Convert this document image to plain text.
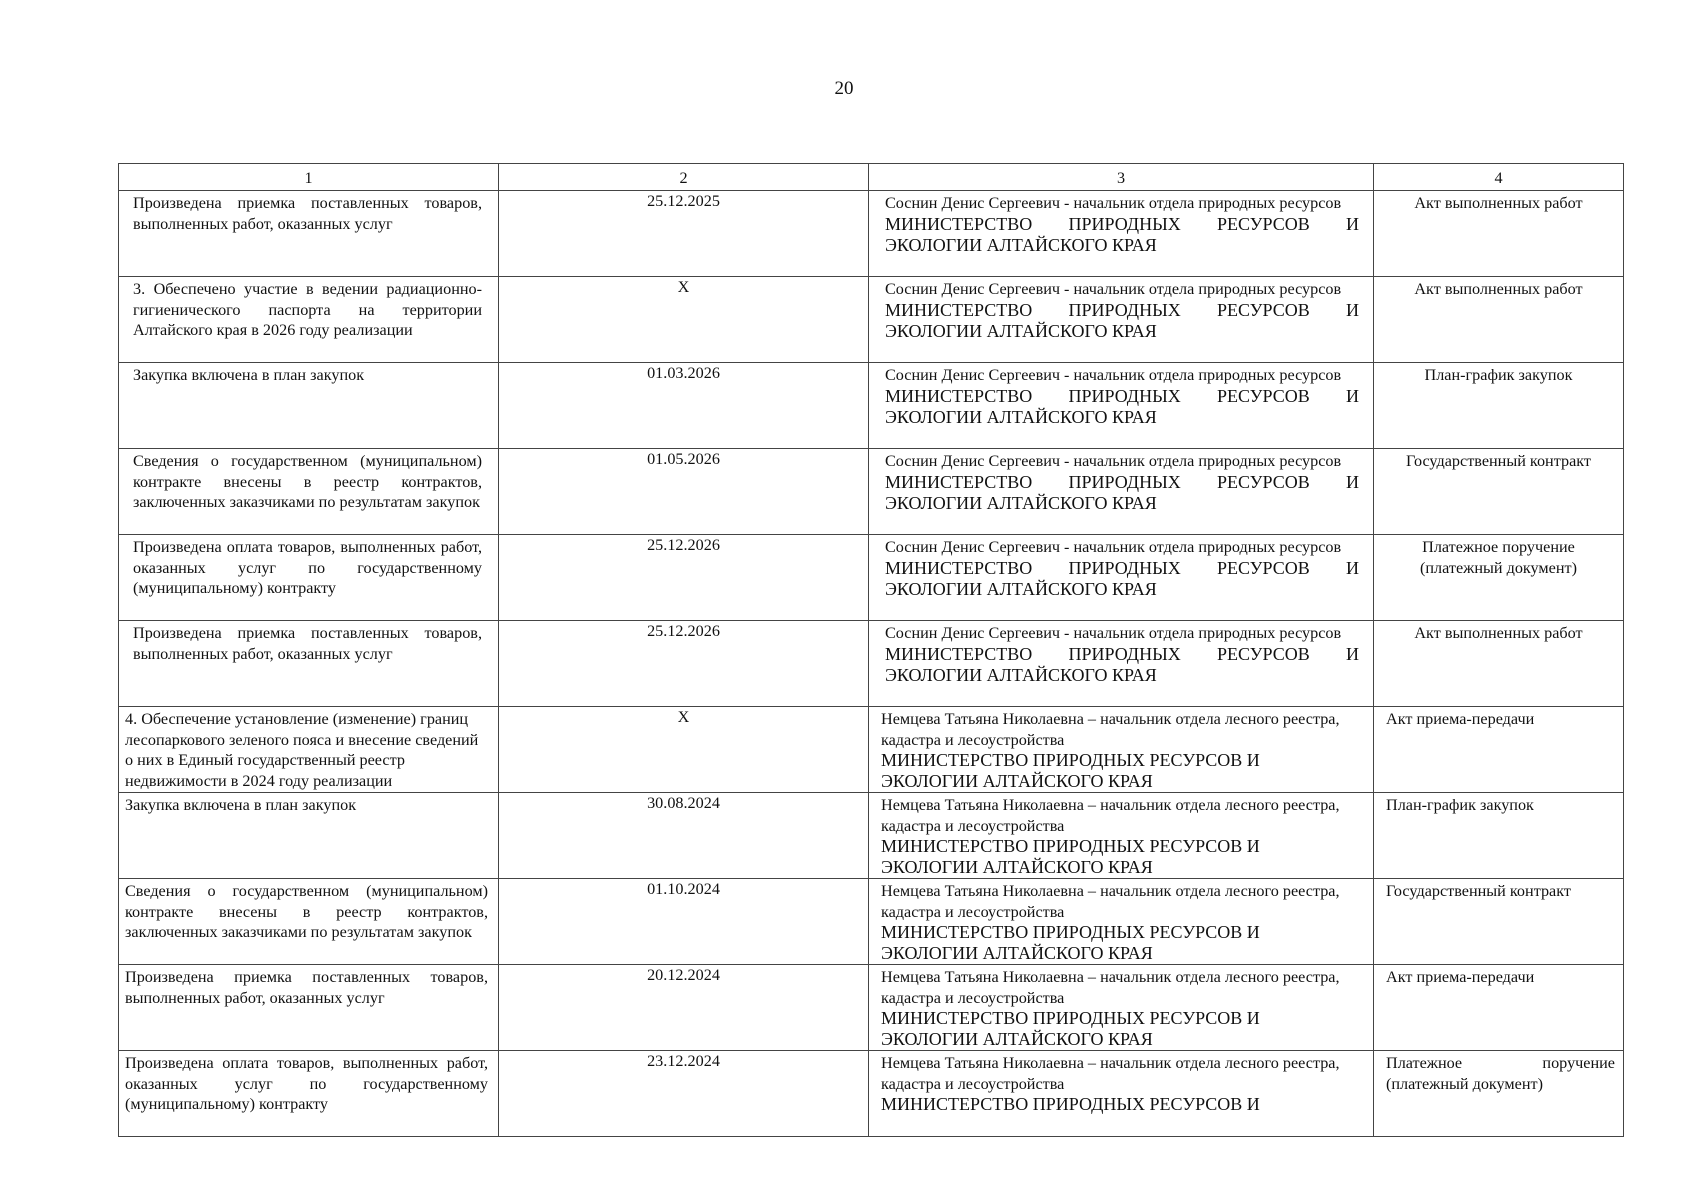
20
1	2	3	4
Произведена приемка поставленных товаров, выполненных работ, оказанных услуг	25.12.2025	Соснин Денис Сергеевич - начальник отдела природных ресурсов
МИНИСТЕРСТВО ПРИРОДНЫХ РЕСУРСОВ И
ЭКОЛОГИИ АЛТАЙСКОГО КРАЯ	Акт выполненных работ
3. Обеспечено участие в ведении радиационно-гигиенического паспорта на территории Алтайского края в 2026 году реализации	X	Соснин Денис Сергеевич - начальник отдела природных ресурсов
МИНИСТЕРСТВО ПРИРОДНЫХ РЕСУРСОВ И
ЭКОЛОГИИ АЛТАЙСКОГО КРАЯ	Акт выполненных работ
Закупка включена в план закупок	01.03.2026	Соснин Денис Сергеевич - начальник отдела природных ресурсов
МИНИСТЕРСТВО ПРИРОДНЫХ РЕСУРСОВ И
ЭКОЛОГИИ АЛТАЙСКОГО КРАЯ	План-график закупок
Сведения о государственном (муниципальном) контракте внесены в реестр контрактов, заключенных заказчиками по результатам закупок	01.05.2026	Соснин Денис Сергеевич - начальник отдела природных ресурсов
МИНИСТЕРСТВО ПРИРОДНЫХ РЕСУРСОВ И
ЭКОЛОГИИ АЛТАЙСКОГО КРАЯ	Государственный контракт
Произведена оплата товаров, выполненных работ, оказанных услуг по государственному (муниципальному) контракту	25.12.2026	Соснин Денис Сергеевич - начальник отдела природных ресурсов
МИНИСТЕРСТВО ПРИРОДНЫХ РЕСУРСОВ И
ЭКОЛОГИИ АЛТАЙСКОГО КРАЯ	Платежное поручение (платежный документ)
Произведена приемка поставленных товаров, выполненных работ, оказанных услуг	25.12.2026	Соснин Денис Сергеевич - начальник отдела природных ресурсов
МИНИСТЕРСТВО ПРИРОДНЫХ РЕСУРСОВ И
ЭКОЛОГИИ АЛТАЙСКОГО КРАЯ	Акт выполненных работ
4. Обеспечение установление (изменение) границ лесопаркового зеленого пояса и внесение сведений о них в Единый государственный реестр недвижимости в 2024 году реализации	X	Немцева Татьяна Николаевна – начальник отдела лесного реестра, кадастра и лесоустройства
МИНИСТЕРСТВО ПРИРОДНЫХ РЕСУРСОВ И
ЭКОЛОГИИ АЛТАЙСКОГО КРАЯ	Акт приема-передачи
Закупка включена в план закупок	30.08.2024	Немцева Татьяна Николаевна – начальник отдела лесного реестра, кадастра и лесоустройства
МИНИСТЕРСТВО ПРИРОДНЫХ РЕСУРСОВ И
ЭКОЛОГИИ АЛТАЙСКОГО КРАЯ	План-график закупок
Сведения о государственном (муниципальном) контракте внесены в реестр контрактов, заключенных заказчиками по результатам закупок	01.10.2024	Немцева Татьяна Николаевна – начальник отдела лесного реестра, кадастра и лесоустройства
МИНИСТЕРСТВО ПРИРОДНЫХ РЕСУРСОВ И
ЭКОЛОГИИ АЛТАЙСКОГО КРАЯ	Государственный контракт
Произведена приемка поставленных товаров, выполненных работ, оказанных услуг	20.12.2024	Немцева Татьяна Николаевна – начальник отдела лесного реестра, кадастра и лесоустройства
МИНИСТЕРСТВО ПРИРОДНЫХ РЕСУРСОВ И
ЭКОЛОГИИ АЛТАЙСКОГО КРАЯ	Акт приема-передачи
Произведена оплата товаров, выполненных работ, оказанных услуг по государственному (муниципальному) контракту	23.12.2024	Немцева Татьяна Николаевна – начальник отдела лесного реестра, кадастра и лесоустройства
МИНИСТЕРСТВО ПРИРОДНЫХ РЕСУРСОВ И	Платежное поручение (платежный документ)
